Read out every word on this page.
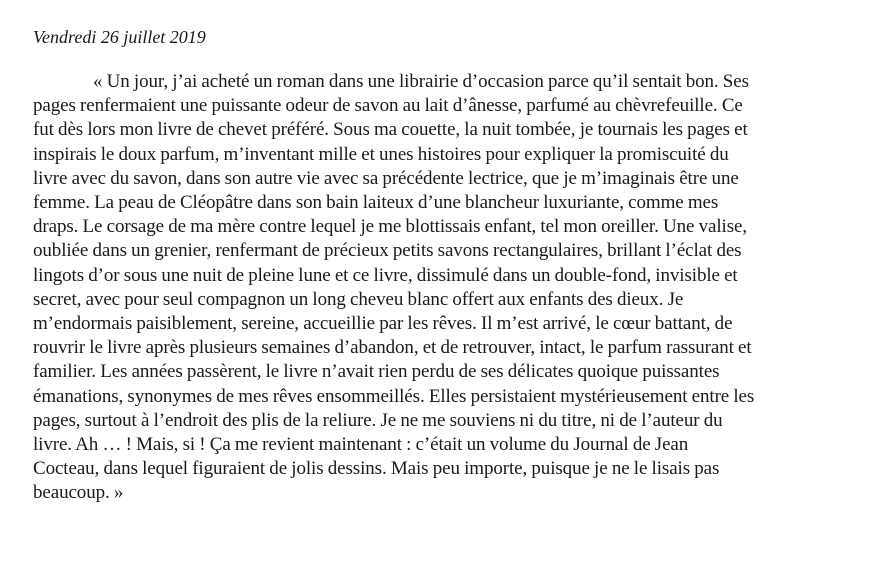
Vendredi 26 juillet 2019

« Un jour, j’ai acheté un roman dans une librairie d’occasion parce qu’il sentait bon. Ses
pages renfermaient une puissante odeur de savon au lait d’ânesse, parfumé au chèvrefeuille. Ce
fut dès lors mon livre de chevet préféré. Sous ma couette, la nuit tombée, je tournais les pages et
inspirais le doux parfum, m’inventant mille et unes histoires pour expliquer la promiscuité du
livre avec du savon, dans son autre vie avec sa précédente lectrice, que je m’imaginais être une
femme. La peau de Cléopâtre dans son bain laiteux d’une blancheur luxuriante, comme mes
draps. Le corsage de ma mère contre lequel je me blottissais enfant, tel mon oreiller. Une valise,
oubliée dans un grenier, renfermant de précieux petits savons rectangulaires, brillant l’éclat des
lingots d’or sous une nuit de pleine lune et ce livre, dissimulé dans un double-fond, invisible et
secret, avec pour seul compagnon un long cheveu blanc offert aux enfants des dieux. Je
m’endormais paisiblement, sereine, accueillie par les rêves. Il m’est arrivé, le cœur battant, de
rouvrir le livre après plusieurs semaines d’abandon, et de retrouver, intact, le parfum rassurant et
familier. Les années passèrent, le livre n’avait rien perdu de ses délicates quoique puissantes
émanations, synonymes de mes rêves ensommeillés. Elles persistaient mystérieusement entre les
pages, surtout à l’endroit des plis de la reliure. Je ne me souviens ni du titre, ni de l’auteur du
livre. Ah … ! Mais, si ! Ça me revient maintenant : c’était un volume du Journal de Jean
Cocteau, dans lequel figuraient de jolis dessins. Mais peu importe, puisque je ne le lisais pas
beaucoup. »
